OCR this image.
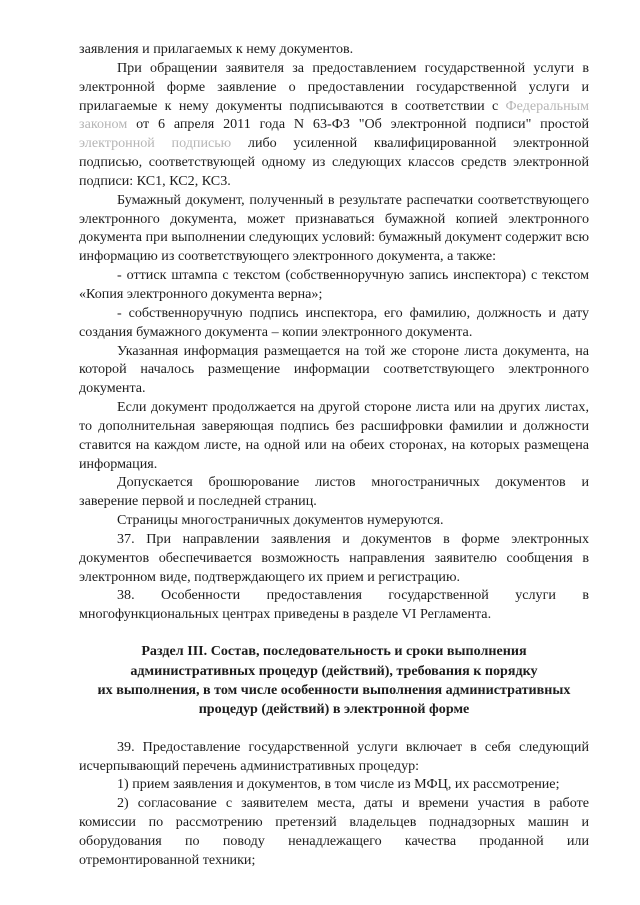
заявления и прилагаемых к нему документов.

При обращении заявителя за предоставлением государственной услуги в электронной форме заявление о предоставлении государственной услуги и прилагаемые к нему документы подписываются в соответствии с Федеральным законом от 6 апреля 2011 года N 63-ФЗ "Об электронной подписи" простой электронной подписью либо усиленной квалифицированной электронной подписью, соответствующей одному из следующих классов средств электронной подписи: КС1, КС2, КС3.

Бумажный документ, полученный в результате распечатки соответствующего электронного документа, может признаваться бумажной копией электронного документа при выполнении следующих условий: бумажный документ содержит всю информацию из соответствующего электронного документа, а также:

- оттиск штампа с текстом (собственноручную запись инспектора) с текстом «Копия электронного документа верна»;

- собственноручную подпись инспектора, его фамилию, должность и дату создания бумажного документа – копии электронного документа.

Указанная информация размещается на той же стороне листа документа, на которой началось размещение информации соответствующего электронного документа.

Если документ продолжается на другой стороне листа или на других листах, то дополнительная заверяющая подпись без расшифровки фамилии и должности ставится на каждом листе, на одной или на обеих сторонах, на которых размещена информация.

Допускается брошюрование листов многостраничных документов и заверение первой и последней страниц.

Страницы многостраничных документов нумеруются.

37. При направлении заявления и документов в форме электронных документов обеспечивается возможность направления заявителю сообщения в электронном виде, подтверждающего их прием и регистрацию.

38. Особенности предоставления государственной услуги в многофункциональных центрах приведены в разделе VI Регламента.

Раздел III. Состав, последовательность и сроки выполнения
административных процедур (действий), требования к порядку
их выполнения, в том числе особенности выполнения административных
процедур (действий) в электронной форме

39. Предоставление государственной услуги включает в себя следующий исчерпывающий перечень административных процедур:

1) прием заявления и документов, в том числе из МФЦ, их рассмотрение;

2) согласование с заявителем места, даты и времени участия в работе комиссии по рассмотрению претензий владельцев поднадзорных машин и оборудования по поводу ненадлежащего качества проданной или отремонтированной техники;
